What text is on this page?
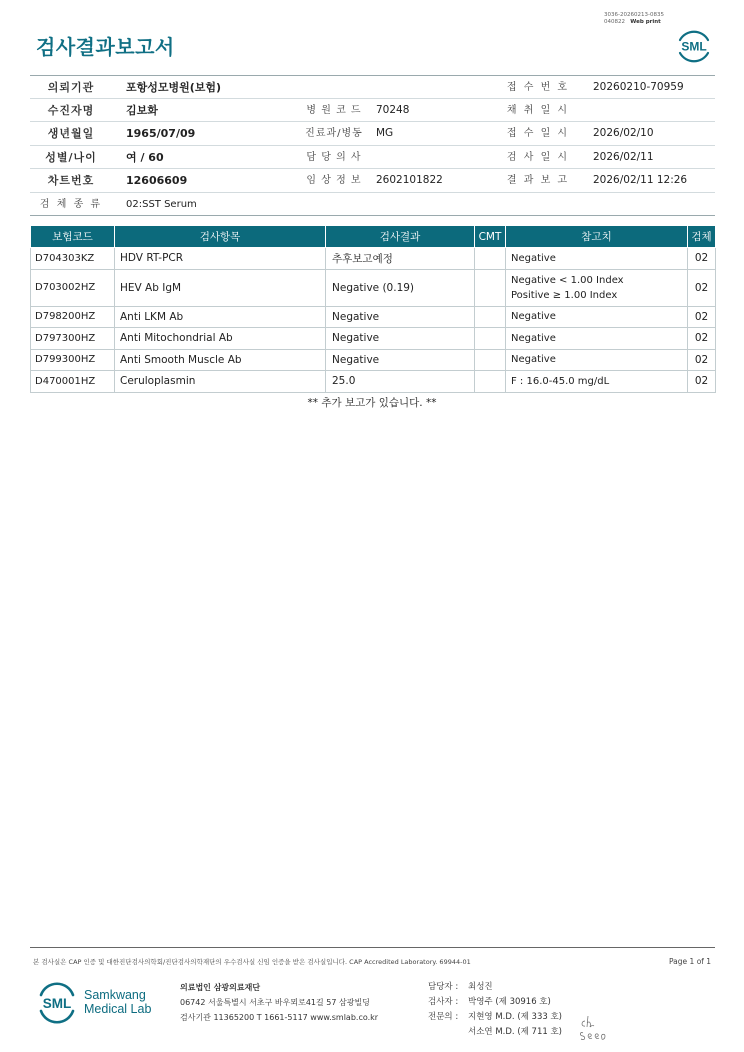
3036-20260213-0835
040822 Web print
검사결과보고서	SML
의뢰기관	포항성모병원(보험)	접 수 번 호	20260210-70959
수진자명	김보화	병 원 코 드	70248	채 취 일 시
생년월일	1965/07/09	진료과/병동	MG	접 수 일 시	2026/02/10
성별/나이	여 / 60	담 당 의 사	검 사 일 시	2026/02/11
차트번호	12606609	임 상 정 보	2602101822	결 과 보 고	2026/02/11 12:26
검 체 종 류	02:SST Serum
보험코드	검사항목	검사결과	CMT	참고치	검체
D704303KZ	HDV RT-PCR	추후보고예정		Negative	02
D703002HZ	HEV Ab IgM	Negative (0.19)		Negative < 1.00 Index
Positive ≥ 1.00 Index	02
D798200HZ	Anti LKM Ab	Negative		Negative	02
D797300HZ	Anti Mitochondrial Ab	Negative		Negative	02
D799300HZ	Anti Smooth Muscle Ab	Negative		Negative	02
D470001HZ	Ceruloplasmin	25.0		F : 16.0-45.0 mg/dL	02
** 추가 보고가 있습니다. **
본 검사실은 CAP 인증 및 대한진단검사의학회/진단검사의학재단의 우수검사실 신임 인증을 받은 검사실입니다. CAP Accredited Laboratory. 69944-01	Page 1 of 1
SML
Samkwang
Medical Lab
의료법인 삼광의료재단
06742 서울특별시 서초구 바우뫼로41길 57 삼광빌딩
검사기관 11365200 T 1661-5117 www.smlab.co.kr
담당자 : 최성진
검사자 : 박영주 (제 30916 호)
전문의 : 지현영 M.D. (제 333 호)
서소연 M.D. (제 711 호)
